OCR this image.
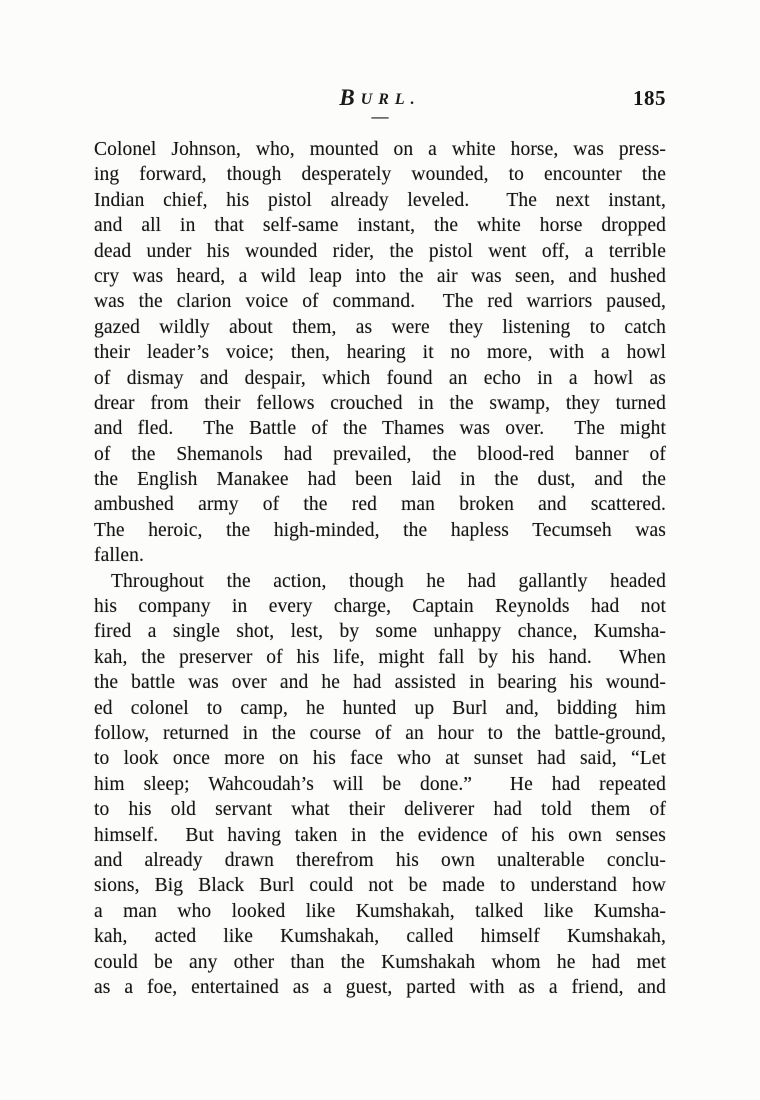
BURL.	185
—
Colonel Johnson, who, mounted on a white horse, was press-
ing forward, though desperately wounded, to encounter the
Indian chief, his pistol already leveled.  The next instant,
and all in that self-same instant, the white horse dropped
dead under his wounded rider, the pistol went off, a terrible
cry was heard, a wild leap into the air was seen, and hushed
was the clarion voice of command.  The red warriors paused,
gazed wildly about them, as were they listening to catch
their leader’s voice; then, hearing it no more, with a howl
of dismay and despair, which found an echo in a howl as
drear from their fellows crouched in the swamp, they turned
and fled.  The Battle of the Thames was over.  The might
of the Shemanols had prevailed, the blood-red banner of
the English Manakee had been laid in the dust, and the
ambushed army of the red man broken and scattered.
The heroic, the high-minded, the hapless Tecumseh was
fallen.
Throughout the action, though he had gallantly headed
his company in every charge, Captain Reynolds had not
fired a single shot, lest, by some unhappy chance, Kumsha-
kah, the preserver of his life, might fall by his hand.  When
the battle was over and he had assisted in bearing his wound-
ed colonel to camp, he hunted up Burl and, bidding him
follow, returned in the course of an hour to the battle-ground,
to look once more on his face who at sunset had said, “Let
him sleep; Wahcoudah’s will be done.”  He had repeated
to his old servant what their deliverer had told them of
himself.  But having taken in the evidence of his own senses
and already drawn therefrom his own unalterable conclu-
sions, Big Black Burl could not be made to understand how
a man who looked like Kumshakah, talked like Kumsha-
kah, acted like Kumshakah, called himself Kumshakah,
could be any other than the Kumshakah whom he had met
as a foe, entertained as a guest, parted with as a friend, and
